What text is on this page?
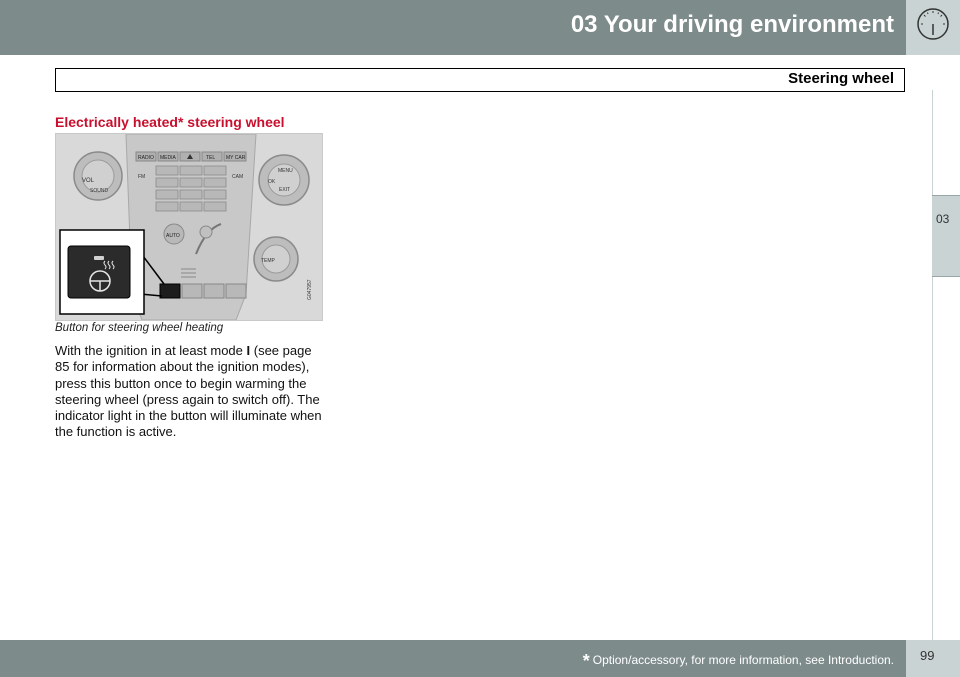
03 Your driving environment
Steering wheel
03
Electrically heated* steering wheel
VOL
SOUND
MENU
OK
EXIT
TEMP
RADIO MEDIA	TEL MY CAR
FM	CAM
AUTO
G047957
Button for steering wheel heating
With the ignition in at least mode I (see page 85 for information about the ignition modes), press this button once to begin warming the steering wheel (press again to switch off). The indicator light in the button will illuminate when the function is active.
* Option/accessory, for more information, see Introduction. 99
